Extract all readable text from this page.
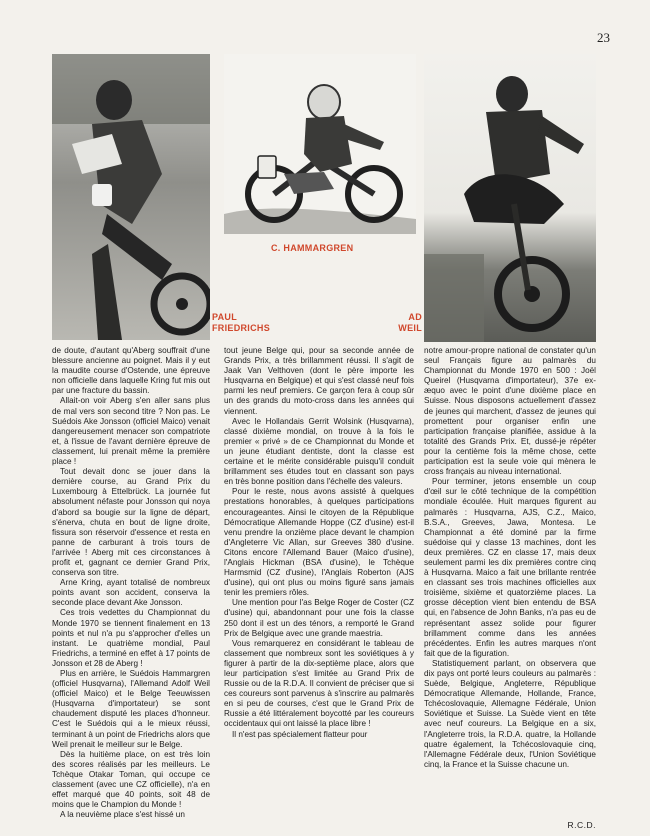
23
PAUL
FRIEDRICHS
C. HAMMARGREN
AD
WEIL

de doute, d'autant qu'Aberg souffrait d'une blessure ancienne au poignet. Mais il y eut la maudite course d'Ostende, une épreuve non officielle dans laquelle Kring fut mis out par une fracture du bassin.

Allait-on voir Aberg s'en aller sans plus de mal vers son second titre ? Non pas. Le Suédois Ake Jonsson (officiel Maico) venait dangereusement menacer son compatriote et, à l'issue de l'avant dernière épreuve de classement, lui prenait même la première place !

Tout devait donc se jouer dans la dernière course, au Grand Prix du Luxembourg à Ettelbrück. La journée fut absolument néfaste pour Jonsson qui noya d'abord sa bougie sur la ligne de départ, s'énerva, chuta en bout de ligne droite, fissura son réservoir d'essence et resta en panne de carburant à trois tours de l'arrivée ! Aberg mit ces circonstances à profit et, gagnant ce dernier Grand Prix, conserva son titre.

Arne Kring, ayant totalisé de nombreux points avant son accident, conserva la seconde place devant Ake Jonsson.

Ces trois vedettes du Championnat du Monde 1970 se tiennent finalement en 13 points et nul n'a pu s'approcher d'elles un instant. Le quatrième mondial, Paul Friedrichs, a terminé en effet à 17 points de Jonsson et 28 de Aberg !

Plus en arrière, le Suédois Hammargren (officiel Husqvarna), l'Allemand Adolf Weil (officiel Maico) et le Belge Teeuwissen (Husqvarna d'importateur) se sont chaudement disputé les places d'honneur. C'est le Suédois qui a le mieux réussi, terminant à un point de Friedrichs alors que Weil prenait le meilleur sur le Belge.

Dès la huitième place, on est très loin des scores réalisés par les meilleurs. Le Tchèque Otakar Toman, qui occupe ce classement (avec une CZ officielle), n'a en effet marqué que 40 points, soit 48 de moins que le Champion du Monde !

A la neuvième place s'est hissé un

tout jeune Belge qui, pour sa seconde année de Grands Prix, a très brillamment réussi. Il s'agit de Jaak Van Velthoven (dont le père importe les Husqvarna en Belgique) et qui s'est classé neuf fois parmi les neuf premiers. Ce garçon fera à coup sûr un des grands du moto-cross dans les années qui viennent.

Avec le Hollandais Gerrit Wolsink (Husqvarna), classé dixième mondial, on trouve à la fois le premier « privé » de ce Championnat du Monde et un jeune étudiant dentiste, dont la classe est certaine et le mérite considérable puisqu'il conduit brillamment ses études tout en classant son pays en très bonne position dans l'échelle des valeurs.

Pour le reste, nous avons assisté à quelques prestations honorables, à quelques participations encourageantes. Ainsi le citoyen de la République Démocratique Allemande Hoppe (CZ d'usine) est-il venu prendre la onzième place devant le champion d'Angleterre Vic Allan, sur Greeves 380 d'usine. Citons encore l'Allemand Bauer (Maico d'usine), l'Anglais Hickman (BSA d'usine), le Tchèque Harmsmid (CZ d'usine), l'Anglais Roberton (AJS d'usine), qui ont plus ou moins figuré sans jamais tenir les premiers rôles.

Une mention pour l'as Belge Roger de Coster (CZ d'usine) qui, abandonnant pour une fois la classe 250 dont il est un des ténors, a remporté le Grand Prix de Belgique avec une grande maestria.

Vous remarquerez en considérant le tableau de classement que nombreux sont les soviétiques à y figurer à partir de la dix-septième place, alors que leur participation s'est limitée au Grand Prix de Russie ou de la R.D.A. Il convient de préciser que si ces coureurs sont parvenus à s'inscrire au palmarès en si peu de courses, c'est que le Grand Prix de Russie a été littéralement boycotté par les coureurs occidentaux qui ont laissé la place libre !

Il n'est pas spécialement flatteur pour

notre amour-propre national de constater qu'un seul Français figure au palmarès du Championnat du Monde 1970 en 500 : Joël Queirel (Husqvarna d'importateur), 37e ex-æquo avec le point d'une dixième place en Suisse. Nous disposons actuellement d'assez de jeunes qui marchent, d'assez de jeunes qui promettent pour organiser enfin une participation française planifiée, assidue à la totalité des Grands Prix. Et, dussé-je répéter pour la centième fois la même chose, cette participation est la seule voie qui mènera le cross français au niveau international.

Pour terminer, jetons ensemble un coup d'œil sur le côté technique de la compétition mondiale écoulée. Huit marques figurent au palmarès : Husqvarna, AJS, C.Z., Maico, B.S.A., Greeves, Jawa, Montesa. Le Championnat a été dominé par la firme suédoise qui y classe 13 machines, dont les deux premières. CZ en classe 17, mais deux seulement parmi les dix premières contre cinq à Husqvarna. Maico a fait une brillante rentrée en classant ses trois machines officielles aux troisième, sixième et quatorzième places. La grosse déception vient bien entendu de BSA qui, en l'absence de John Banks, n'a pas eu de représentant assez solide pour figurer brillamment comme dans les années précédentes. Enfin les autres marques n'ont fait que de la figuration.

Statistiquement parlant, on observera que dix pays ont porté leurs couleurs au palmarès : Suède, Belgique, Angleterre, République Démocratique Allemande, Hollande, France, Tchécoslovaquie, Allemagne Fédérale, Union Soviétique et Suisse. La Suède vient en tête avec neuf coureurs. La Belgique en a six, l'Angleterre trois, la R.D.A. quatre, la Hollande quatre également, la Tchécoslovaquie cinq, l'Allemagne Fédérale deux, l'Union Soviétique cinq, la France et la Suisse chacune un.

R.C.D.
